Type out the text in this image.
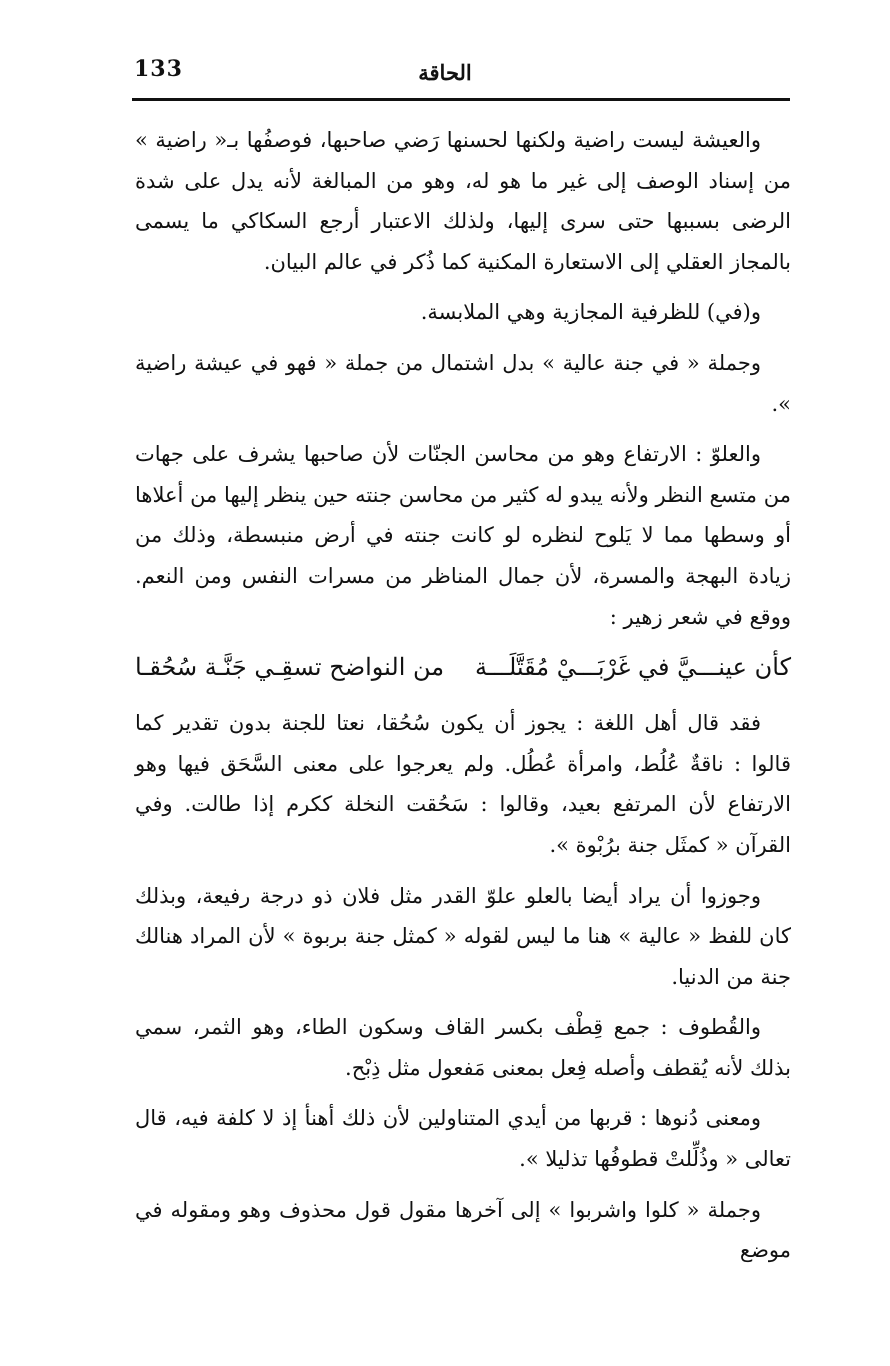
133	الحاقة

والعيشة ليست راضية ولكنها لحسنها رَضي صاحبها، فوصفُها بـ« راضية » من إسناد الوصف إلى غير ما هو له، وهو من المبالغة لأنه يدل على شدة الرضى بسببها حتى سرى إليها، ولذلك الاعتبار أرجع السكاكي ما يسمى بالمجاز العقلي إلى الاستعارة المكنية كما ذُكر في عالم البيان.

و(في) للظرفية المجازية وهي الملابسة.

وجملة « في جنة عالية » بدل اشتمال من جملة « فهو في عيشة راضية ».

والعلوّ : الارتفاع وهو من محاسن الجنّات لأن صاحبها يشرف على جهات من متسع النظر ولأنه يبدو له كثير من محاسن جنته حين ينظر إليها من أعلاها أو وسطها مما لا يَلوح لنظره لو كانت جنته في أرض منبسطة، وذلك من زيادة البهجة والمسرة، لأن جمال المناظر من مسرات النفس ومن النعم. ووقع في شعر زهير :

كأن عينـــيَّ في غَرْبَـــيْ مُقَتَّلَـــة
من النواضح تسقِـي جَنَّـة سُحُقـا

فقد قال أهل اللغة : يجوز أن يكون سُحُقا، نعتا للجنة بدون تقدير كما قالوا : ناقةٌ عُلُط، وامرأة عُطُل. ولم يعرجوا على معنى السَّحَق فيها وهو الارتفاع لأن المرتفع بعيد، وقالوا : سَحُقت النخلة ككرم إذا طالت. وفي القرآن « كمثَل جنة برُبْوة ».

وجوزوا أن يراد أيضا بالعلو علوّ القدر مثل فلان ذو درجة رفيعة، وبذلك كان للفظ « عالية » هنا ما ليس لقوله « كمثل جنة بربوة » لأن المراد هنالك جنة من الدنيا.

والقُطوف : جمع قِطْف بكسر القاف وسكون الطاء، وهو الثمر، سمي بذلك لأنه يُقطف وأصله فِعل بمعنى مَفعول مثل ذِبْح.

ومعنى دُنوها : قربها من أيدي المتناولين لأن ذلك أهنأ إذ لا كلفة فيه، قال تعالى « وذُلِّلتْ قطوفُها تذليلا ».

وجملة « كلوا واشربوا » إلى آخرها مقول قول محذوف وهو ومقوله في موضع
